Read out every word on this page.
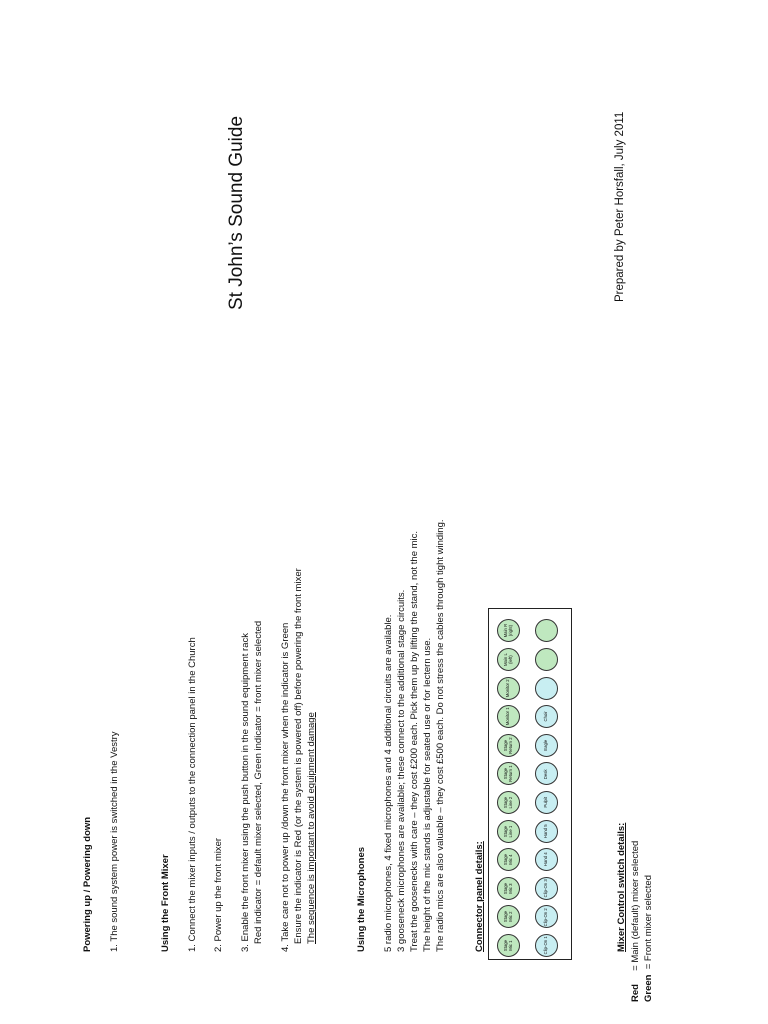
St John’s Sound Guide	Prepared by Peter Horsfall, July 2011
Powering up / Powering down 1. The sound system power is switched in the Vestry	Using the Front Mixer 1. Connect the mixer inputs / outputs to the connection panel in the Church 2. Power up the front mixer 3. Enable the front mixer using the push button in the sound equipment rack Red indicator = default mixer selected, Green indicator = front mixer selected 4. Take care not to power up /down the front mixer when the indicator is Green Ensure the indicator is Red (or the system is powered off) before powering the front mixer The sequence is important to avoid equipment damage	Using the Microphones 5 radio microphones, 4 fixed microphones and 4 additional circuits are available. 3 gooseneck microphones are available; these connect to the additional stage circuits. Treat the goosenecks with care – they cost £200 each. Pick them up by lifting the stand, not the mic. The height of the mic stands is adjustable for seated use or for lectern use. The radio mics are also valuable – they cost £500 each. Do not stress the cables through tight winding.	Connector panel details:	Stage Mic 1
Stage Mic 2
Stage Mic 3
Stage Mic 4
Stage Line 1
Stage Line 2
Stage Return 1
Stage Return 2
Monitor 1
Monitor 2
Main L (left)
Main R (right)
Clip-On 1
Clip-On 2
Clip-On 3
Hand 4
Hand 5
Pulpit
Desk
Eagle
Choir
Mixer Control switch details:
Red     = Main (default) mixer selected
Green  = Front mixer selected
